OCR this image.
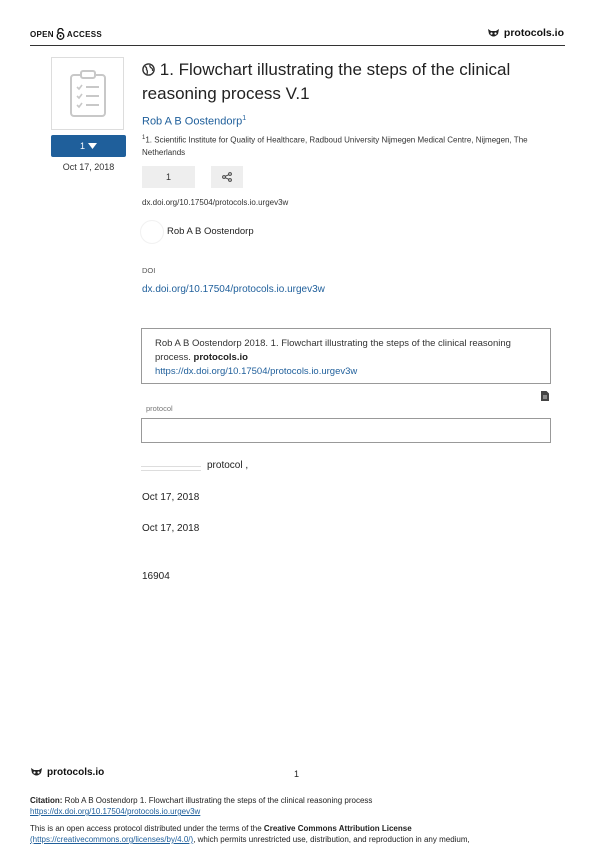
OPEN ACCESS	protocols.io
1
Oct 17, 2018
1. Flowchart illustrating the steps of the clinical reasoning process V.1
Rob A B Oostendorp$^1$
$^1$1. Scientific Institute for Quality of Healthcare, Radboud University Nijmegen Medical Centre, Nijmegen, The Netherlands
1
dx.doi.org/10.17504/protocols.io.urgev3w
Rob A B Oostendorp
DOI
dx.doi.org/10.17504/protocols.io.urgev3w
Rob A B Oostendorp 2018. 1. Flowchart illustrating the steps of the clinical reasoning process. protocols.io
https://dx.doi.org/10.17504/protocols.io.urgev3w
protocol
protocol ,
Oct 17, 2018
Oct 17, 2018
16904
protocols.io	1
Citation: Rob A B Oostendorp 1. Flowchart illustrating the steps of the clinical reasoning process
https://dx.doi.org/10.17504/protocols.io.urgev3w
This is an open access protocol distributed under the terms of the Creative Commons Attribution License
(https://creativecommons.org/licenses/by/4.0/), which permits unrestricted use, distribution, and reproduction in any medium,
